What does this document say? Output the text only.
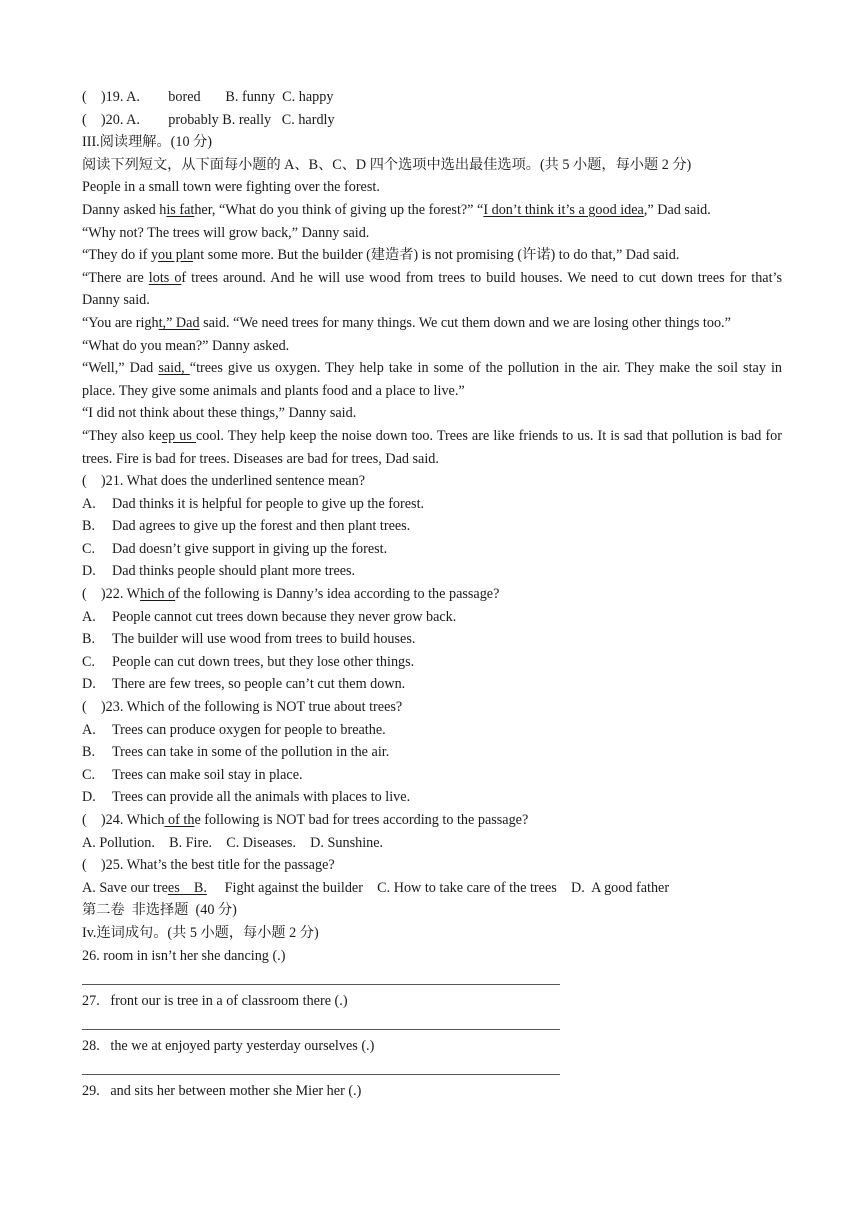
(    )19. A.        bored       B. funny  C. happy
(    )20. A.        probably B. really   C. hardly
III.阅读理解。(10 分)
阅读下列短文，从下面每小题的 A、B、C、D 四个选项中选出最佳选项。(共 5 小题，每小题 2 分)
People in a small town were fighting over the forest.
Danny asked his father, “What do you think of giving up the forest?” “I don’t think it’s a good idea,” Dad said.
“Why not? The trees will grow back,” Danny said.
“They do if you plant some more. But the builder (建造者) is not promising (许诺) to do that,” Dad said.
“There are lots of trees around. And he will use wood from trees to build houses. We need to cut down trees for that’s Danny said.
“You are right,” Dad said. “We need trees for many things. We cut them down and we are losing other things too.”
“What do you mean?” Danny asked.
“Well,” Dad said, “trees give us oxygen. They help take in some of the pollution in the air. They make the soil stay in place. They give some animals and plants food and a place to live.”
“I did not think about these things,” Danny said.
“They also keep us cool. They help keep the noise down too. Trees are like friends to us. It is sad that pollution is bad for trees. Fire is bad for trees. Diseases are bad for trees, Dad said.
(    )21. What does the underlined sentence mean?
A.	Dad thinks it is helpful for people to give up the forest.
B.	Dad agrees to give up the forest and then plant trees.
C.	Dad doesn’t give support in giving up the forest.
D.	Dad thinks people should plant more trees.
(    )22. Which of the following is Danny’s idea according to the passage?
A.	People cannot cut trees down because they never grow back.
B.	The builder will use wood from trees to build houses.
C.	People can cut down trees, but they lose other things.
D.	There are few trees, so people can’t cut them down.
(    )23. Which of the following is NOT true about trees?
A.	Trees can produce oxygen for people to breathe.
B.	Trees can take in some of the pollution in the air.
C.	Trees can make soil stay in place.
D.	Trees can provide all the animals with places to live.
(    )24. Which of the following is NOT bad for trees according to the passage?
A. Pollution.    B. Fire.    C. Diseases.    D. Sunshine.
(    )25. What’s the best title for the passage?
A. Save our trees    B.     Fight against the builder    C. How to take care of the trees    D.  A good father
第二卷  非选择题  (40 分)
Iv.连词成句。(共 5 小题，每小题 2 分)
26. room in isn’t her she dancing (.)
27.   front our is tree in a of classroom there (.)
28.   the we at enjoyed party yesterday ourselves (.)
29.   and sits her between mother she Mier her (.)
